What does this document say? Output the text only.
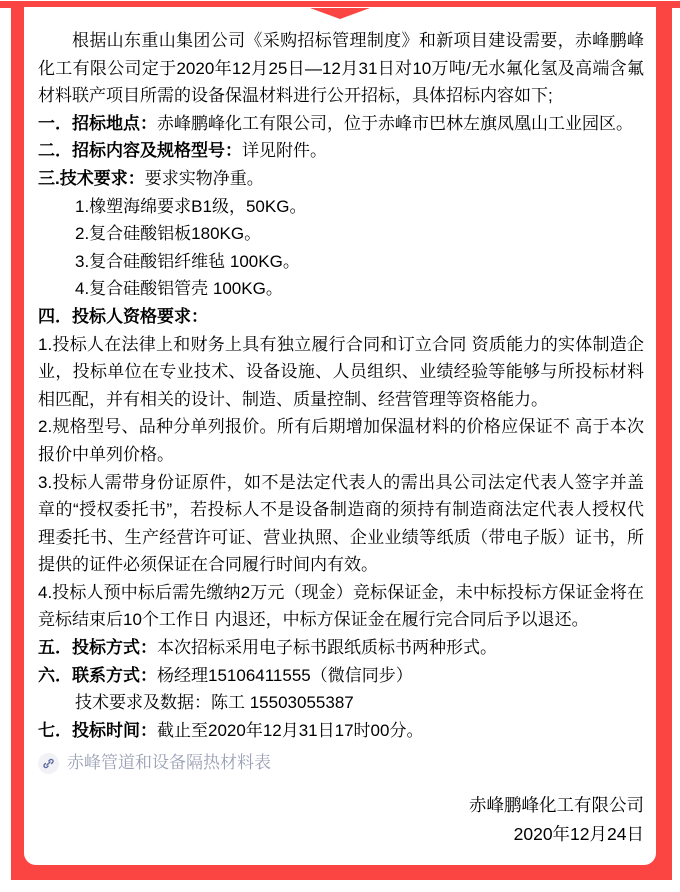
根据山东重山集团公司《采购招标管理制度》和新项目建设需要，赤峰鹏峰化工有限公司定于2020年12月25日—12月31日对10万吨/无水氟化氢及高端含氟材料联产项目所需的设备保温材料进行公开招标，具体招标内容如下;

一．招标地点：赤峰鹏峰化工有限公司，位于赤峰市巴林左旗凤凰山工业园区。

二．招标内容及规格型号：详见附件。

三.技术要求：要求实物净重。

1.橡塑海绵要求B1级，50KG。

2.复合硅酸铝板180KG。

3.复合硅酸铝纤维毡 100KG。

4.复合硅酸铝管壳 100KG。

四．投标人资格要求：

1.投标人在法律上和财务上具有独立履行合同和订立合同 资质能力的实体制造企业，投标单位在专业技术、设备设施、人员组织、业绩经验等能够与所投标材料相匹配，并有相关的设计、制造、质量控制、经营管理等资格能力。

2.规格型号、品种分单列报价。所有后期增加保温材料的价格应保证不 高于本次报价中单列价格。

3.投标人需带身份证原件，如不是法定代表人的需出具公司法定代表人签字并盖章的“授权委托书”，若投标人不是设备制造商的须持有制造商法定代表人授权代理委托书、生产经营许可证、营业执照、企业业绩等纸质（带电子版）证书，所提供的证件必须保证在合同履行时间内有效。

4.投标人预中标后需先缴纳2万元（现金）竞标保证金，未中标投标方保证金将在竞标结束后10个工作日 内退还，中标方保证金在履行完合同后予以退还。

五．投标方式：本次招标采用电子标书跟纸质标书两种形式。

六．联系方式：杨经理15106411555（微信同步）

技术要求及数据：陈工 15503055387

七．投标时间：截止至2020年12月31日17时00分。

赤峰管道和设备隔热材料表

赤峰鹏峰化工有限公司

2020年12月24日
